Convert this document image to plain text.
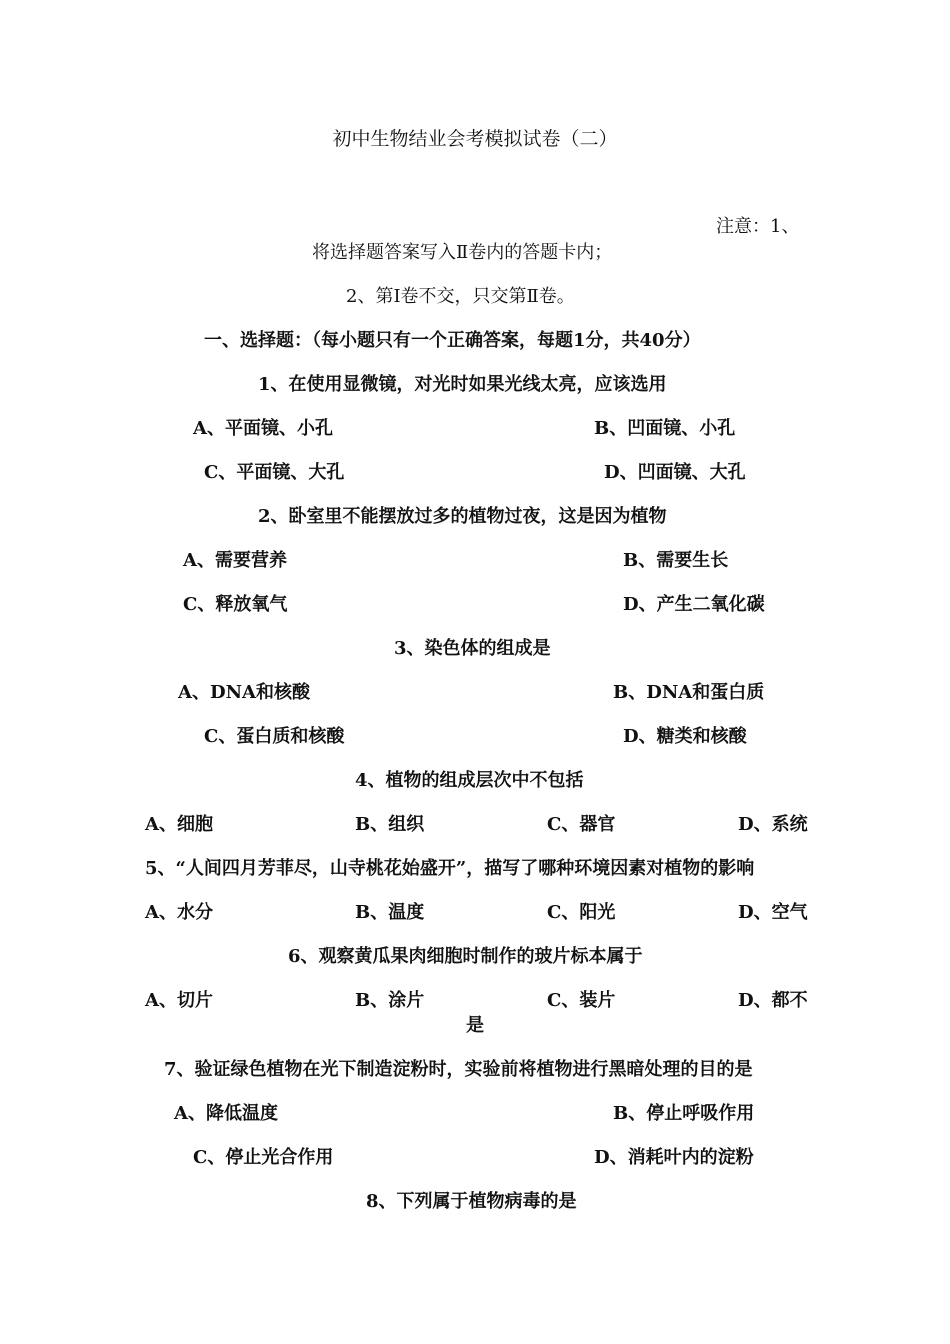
初中生物结业会考模拟试卷（二）
注意：1、
将选择题答案写入Ⅱ卷内的答题卡内；
2、第Ⅰ卷不交，只交第Ⅱ卷。
一、选择题：（每小题只有一个正确答案，每题1分，共40分）
1、在使用显微镜，对光时如果光线太亮，应该选用
A、平面镜、小孔	B、凹面镜、小孔
C、平面镜、大孔	D、凹面镜、大孔
2、卧室里不能摆放过多的植物过夜，这是因为植物
A、需要营养	B、需要生长
C、释放氧气	D、产生二氧化碳
3、染色体的组成是
A、DNA和核酸	B、DNA和蛋白质
C、蛋白质和核酸	D、糖类和核酸
4、植物的组成层次中不包括
A、细胞	B、组织	C、器官	D、系统
5、“人间四月芳菲尽，山寺桃花始盛开”，描写了哪种环境因素对植物的影响
A、水分	B、温度	C、阳光	D、空气
6、观察黄瓜果肉细胞时制作的玻片标本属于
A、切片	B、涂片	C、装片	D、都不
是
7、验证绿色植物在光下制造淀粉时，实验前将植物进行黑暗处理的目的是
A、降低温度	B、停止呼吸作用
C、停止光合作用	D、消耗叶内的淀粉
8、下列属于植物病毒的是
